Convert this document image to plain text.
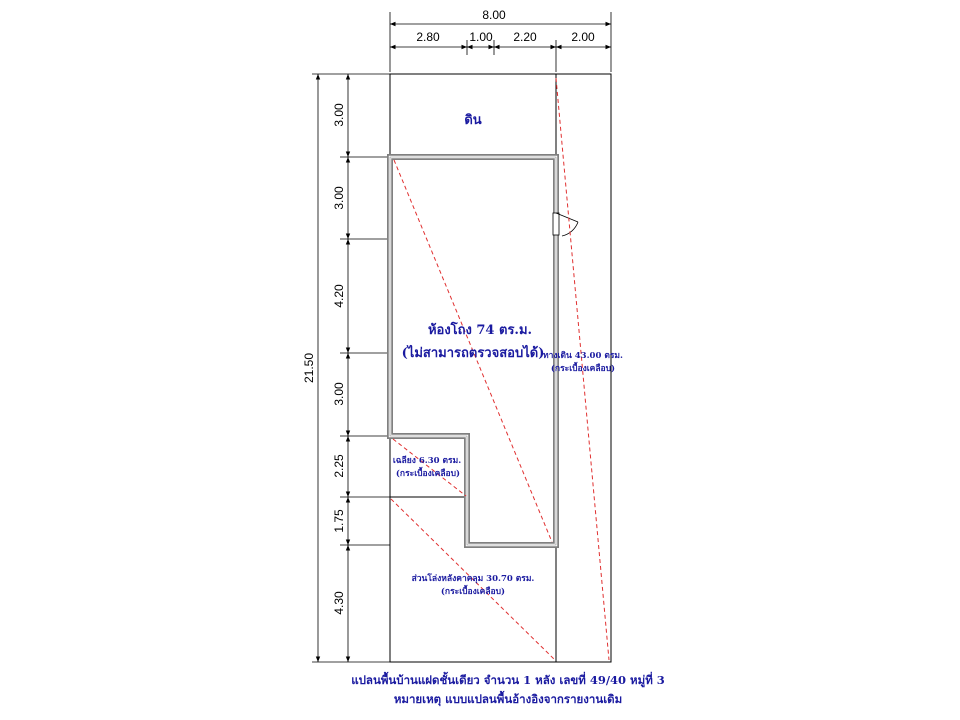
8.00
2.80 1.00 2.20	2.00
21.50
3.00
3.00
4.20
3.00
2.25
1.75
4.30
ดิน
ห้องโถง 74 ตร.ม.
(ไม่สามารถตรวจสอบได้)
ทางเดิน 43.00 ตรม.
(กระเบื้องเคลือบ)
เฉลียง 6.30 ตรม.
(กระเบื้องเคลือบ)
ส่วนโล่งหลังคาคลุม 30.70 ตรม.
(กระเบื้องเคลือบ)
แปลนพื้นบ้านแฝดชั้นเดียว จำนวน 1 หลัง เลขที่ 49/40 หมู่ที่ 3
หมายเหตุ แบบแปลนพื้นอ้างอิงจากรายงานเดิม
